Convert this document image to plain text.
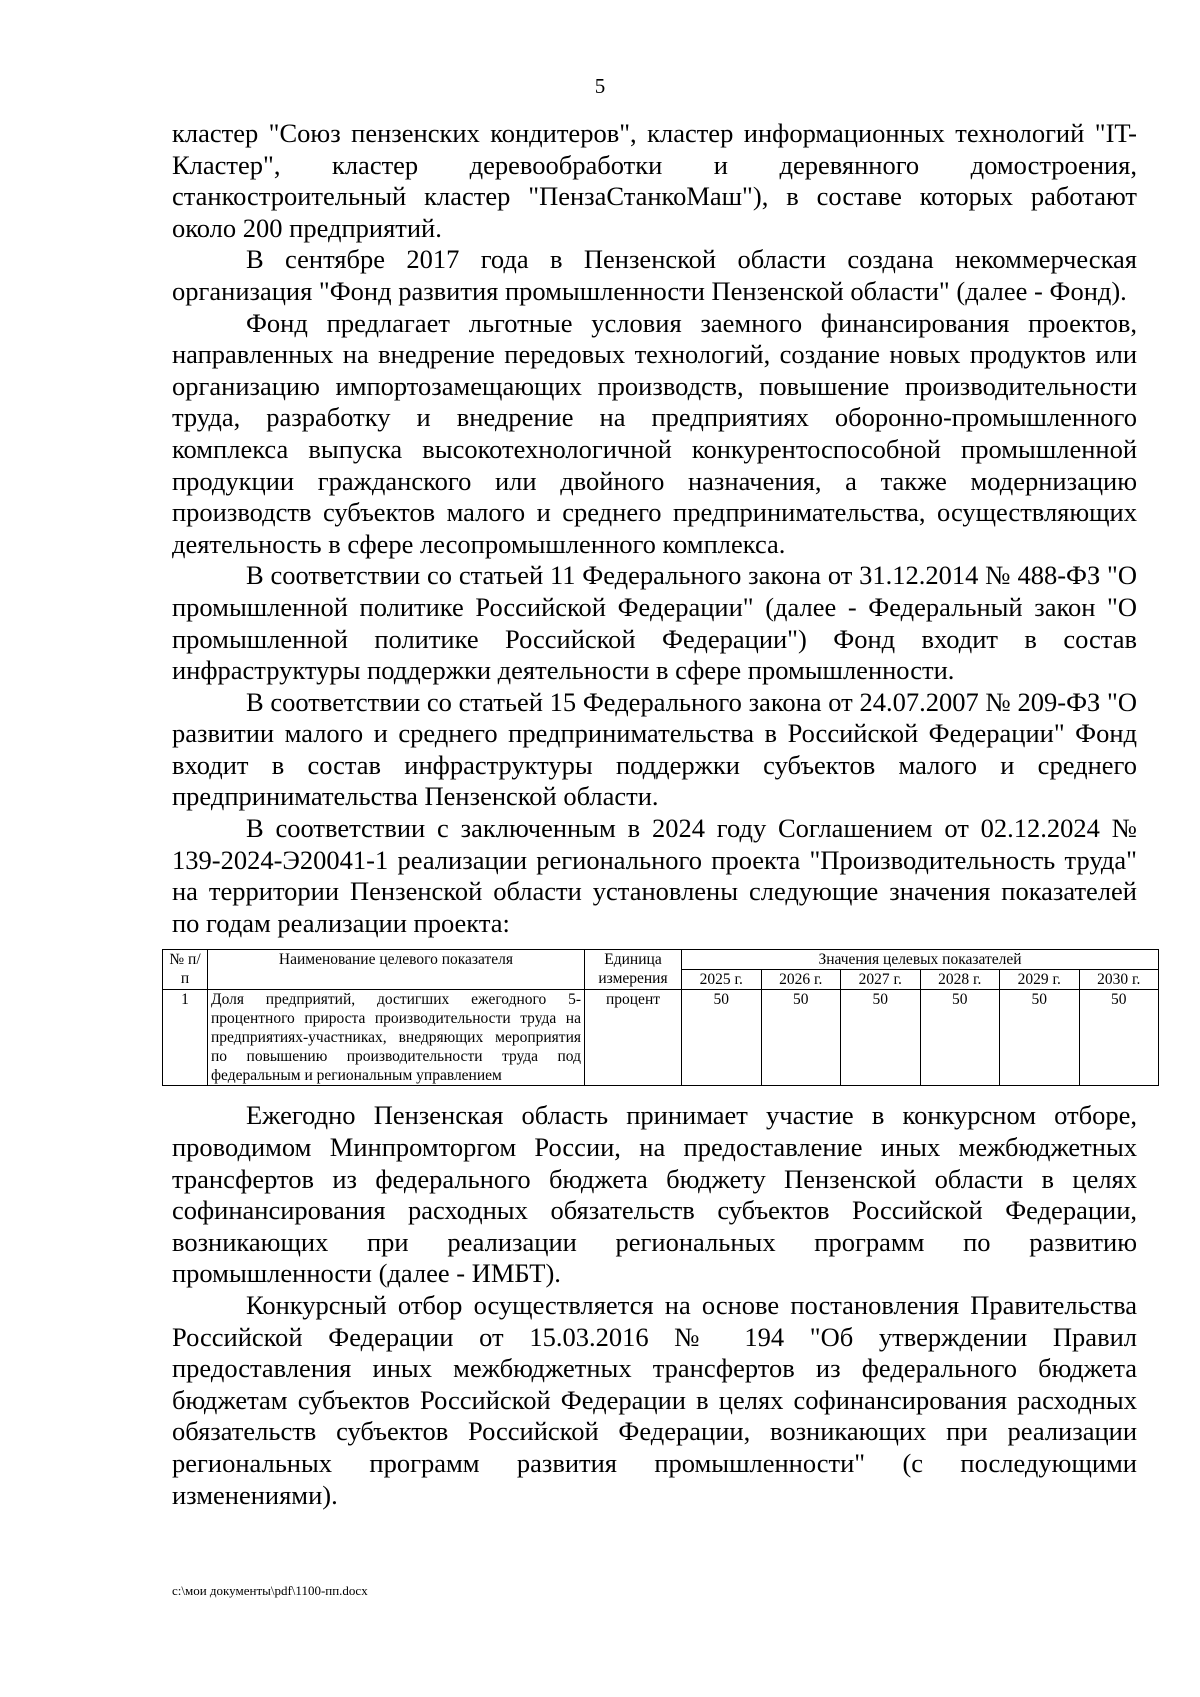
5

кластер "Союз пензенских кондитеров", кластер информационных технологий "IT-Кластер", кластер деревообработки и деревянного домостроения, станкостроительный кластер "ПензаСтанкоМаш"), в составе которых работают около 200 предприятий.

В сентябре 2017 года в Пензенской области создана некоммерческая организация "Фонд развития промышленности Пензенской области" (далее - Фонд).

Фонд предлагает льготные условия заемного финансирования проектов, направленных на внедрение передовых технологий, создание новых продуктов или организацию импортозамещающих производств, повышение производительности труда, разработку и внедрение на предприятиях оборонно-промышленного комплекса выпуска высокотехнологичной конкурентоспособной промышленной продукции гражданского или двойного назначения, а также модернизацию производств субъектов малого и среднего предпринимательства, осуществляющих деятельность в сфере лесопромышленного комплекса.

В соответствии со статьей 11 Федерального закона от 31.12.2014 № 488-ФЗ "О промышленной политике Российской Федерации" (далее - Федеральный закон "О промышленной политике Российской Федерации") Фонд входит в состав инфраструктуры поддержки деятельности в сфере промышленности.

В соответствии со статьей 15 Федерального закона от 24.07.2007 № 209-ФЗ "О развитии малого и среднего предпринимательства в Российской Федерации" Фонд входит в состав инфраструктуры поддержки субъектов малого и среднего предпринимательства Пензенской области.

В соответствии с заключенным в 2024 году Соглашением от 02.12.2024 № 139-2024-Э20041-1 реализации регионального проекта "Производительность труда" на территории Пензенской области установлены следующие значения показателей по годам реализации проекта:

№ п/п	Наименование целевого показателя	Единица измерения	Значения целевых показателей					
			2025 г.	2026 г.	2027 г.	2028 г.	2029 г.	2030 г.
1	Доля предприятий, достигших ежегодного 5-процентного прироста производительности труда на предприятиях-участниках, внедряющих мероприятия по повышению производительности труда под федеральным и региональным управлением	процент	50	50	50	50	50	50

Ежегодно Пензенская область принимает участие в конкурсном отборе, проводимом Минпромторгом России, на предоставление иных межбюджетных трансфертов из федерального бюджета бюджету Пензенской области в целях софинансирования расходных обязательств субъектов Российской Федерации, возникающих при реализации региональных программ по развитию промышленности (далее - ИМБТ).

Конкурсный отбор осуществляется на основе постановления Правительства Российской Федерации от 15.03.2016 № 194 "Об утверждении Правил предоставления иных межбюджетных трансфертов из федерального бюджета бюджетам субъектов Российской Федерации в целях софинансирования расходных обязательств субъектов Российской Федерации, возникающих при реализации региональных программ развития промышленности" (с последующими изменениями).

c:\мои документы\pdf\1100-пп.docx
